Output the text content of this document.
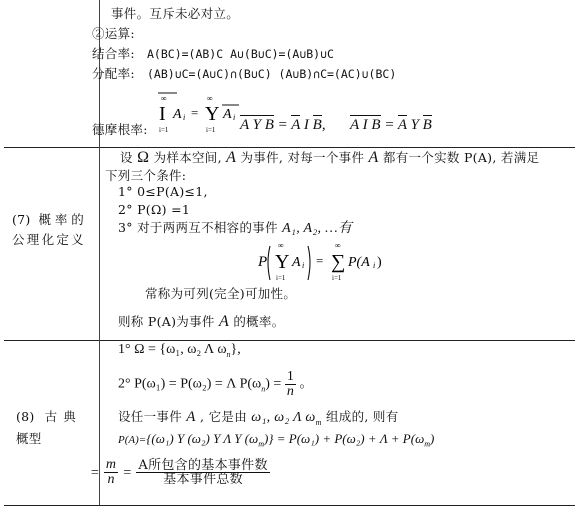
事件。互斥未必对立。
②运算:
结合率: A(BC)=(AB)C A∪(B∪C)=(A∪B)∪C
分配率: (AB)∪C=(A∪C)∩(B∪C) (A∪B)∩C=(AC)∪(BC)
∞
I
i=1
A i =
∞
Υ
i=1
A i
德摩根率:	A Υ B = A Ι B, A Ι B = A Υ B
(7) 概率的公理化定义
设 Ω 为样本空间, A 为事件, 对每一个事件 A 都有一个实数 P(A), 若满足
下列三个条件:
1° 0≤P(A)≤1,
2° P(Ω) =1
3° 对于两两互不相容的事件 A₁, A₂, …有
P
∞
Υ
i=1
A i =
∞
∑
i=1
P(A i )
常称为可列(完全)可加性。
则称 P(A)为事件 A 的概率。
(8) 古典概型
1° Ω = {ω₁, ω₂ Λ $\omega_n$},
2° P(ω₁) = P(ω₂) = Λ $P(\omega_n) = \frac{1}{n}$ 。
设任一事件 A , 它是由 ω₁, ω₂ Λ $\omega_m$ 组成的, 则有
P(A)={(ω₁) Υ (ω₂) Υ Λ Υ $(\omega_m)\} = P(\omega_1) + P(\omega_2) + \Lambda + P(\omega_m)$
= $\frac{m}{n} = \frac{\text{A所包含的基本事件数}}{\text{基本事件总数}}$
